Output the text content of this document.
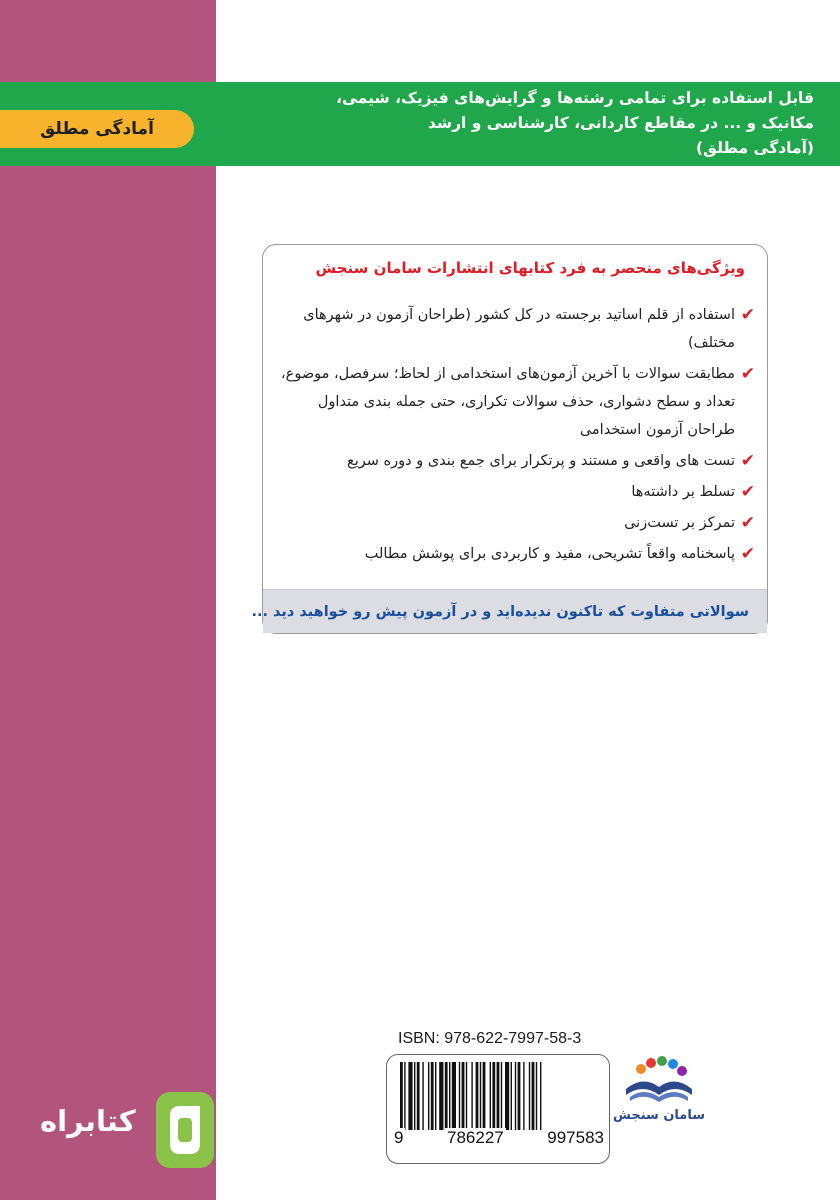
قابل استفاده برای تمامی رشته‌ها و گرایش‌های فیزیک، شیمی،
مکانیک و ... در مقاطع کاردانی، کارشناسی و ارشد
(آمادگی مطلق)
آمادگی مطلق
ویژگی‌های منحصر به فرد کتابهای انتشارات سامان سنجش
✔
استفاده از قلم اساتید برجسته در کل کشور (طراحان آزمون در شهرهای مختلف)
✔
مطابقت سوالات با آخرین آزمون‌های استخدامی از لحاظ؛ سرفصل، موضوع، تعداد و سطح دشواری، حذف سوالات تکراری، حتی جمله بندی متداول طراحان آزمون استخدامی
✔
تست های واقعی و مستند و پرتکرار برای جمع بندی و دوره سریع
✔
تسلط بر داشته‌ها
✔
تمرکز بر تست‌زنی
✔
پاسخنامه واقعاً تشریحی، مفید و کاربردی برای پوشش مطالب
سوالاتی متفاوت که تاکنون ندیده‌اید و در آزمون پیش رو خواهید دید ...
ISBN: 978-622-7997-58-3
9	786227	997583
سامان سنجش
کتابراه
